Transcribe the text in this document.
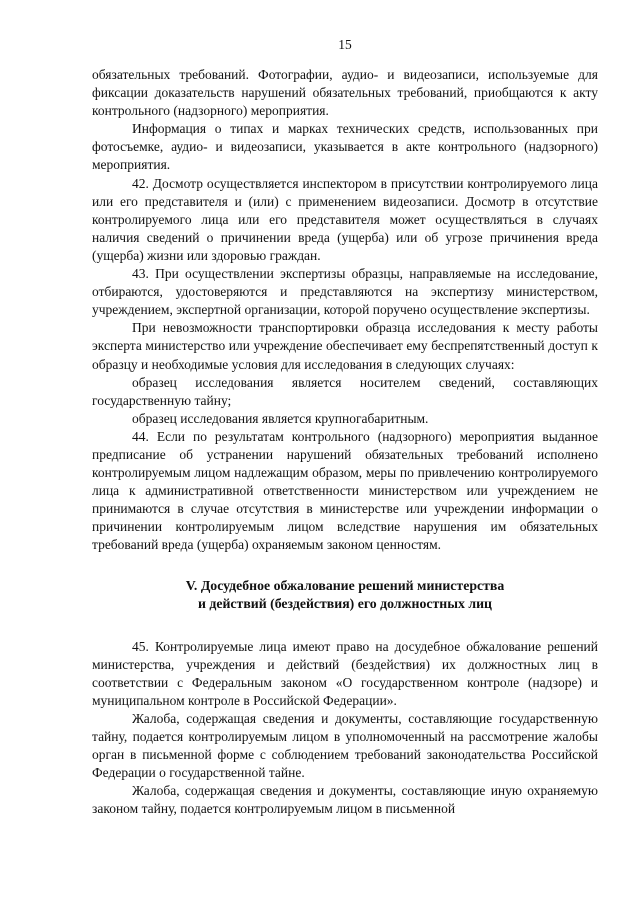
15

обязательных требований. Фотографии, аудио- и видеозаписи, используемые для фиксации доказательств нарушений обязательных требований, приобщаются к акту контрольного (надзорного) мероприятия.

Информация о типах и марках технических средств, использованных при фотосъемке, аудио- и видеозаписи, указывается в акте контрольного (надзорного) мероприятия.

42. Досмотр осуществляется инспектором в присутствии контролируемого лица или его представителя и (или) с применением видеозаписи. Досмотр в отсутствие контролируемого лица или его представителя может осуществляться в случаях наличия сведений о причинении вреда (ущерба) или об угрозе причинения вреда (ущерба) жизни или здоровью граждан.

43. При осуществлении экспертизы образцы, направляемые на исследование, отбираются, удостоверяются и представляются на экспертизу министерством, учреждением, экспертной организации, которой поручено осуществление экспертизы.

При невозможности транспортировки образца исследования к месту работы эксперта министерство или учреждение обеспечивает ему беспрепятственный доступ к образцу и необходимые условия для исследования в следующих случаях:

образец исследования является носителем сведений, составляющих государственную тайну;

образец исследования является крупногабаритным.

44. Если по результатам контрольного (надзорного) мероприятия выданное предписание об устранении нарушений обязательных требований исполнено контролируемым лицом надлежащим образом, меры по привлечению контролируемого лица к административной ответственности министерством или учреждением не принимаются в случае отсутствия в министерстве или учреждении информации о причинении контролируемым лицом вследствие нарушения им обязательных требований вреда (ущерба) охраняемым законом ценностям.

V. Досудебное обжалование решений министерства
и действий (бездействия) его должностных лиц

45. Контролируемые лица имеют право на досудебное обжалование решений министерства, учреждения и действий (бездействия) их должностных лиц в соответствии с Федеральным законом «О государственном контроле (надзоре) и муниципальном контроле в Российской Федерации».

Жалоба, содержащая сведения и документы, составляющие государственную тайну, подается контролируемым лицом в уполномоченный на рассмотрение жалобы орган в письменной форме с соблюдением требований законодательства Российской Федерации о государственной тайне.

Жалоба, содержащая сведения и документы, составляющие иную охраняемую законом тайну, подается контролируемым лицом в письменной
